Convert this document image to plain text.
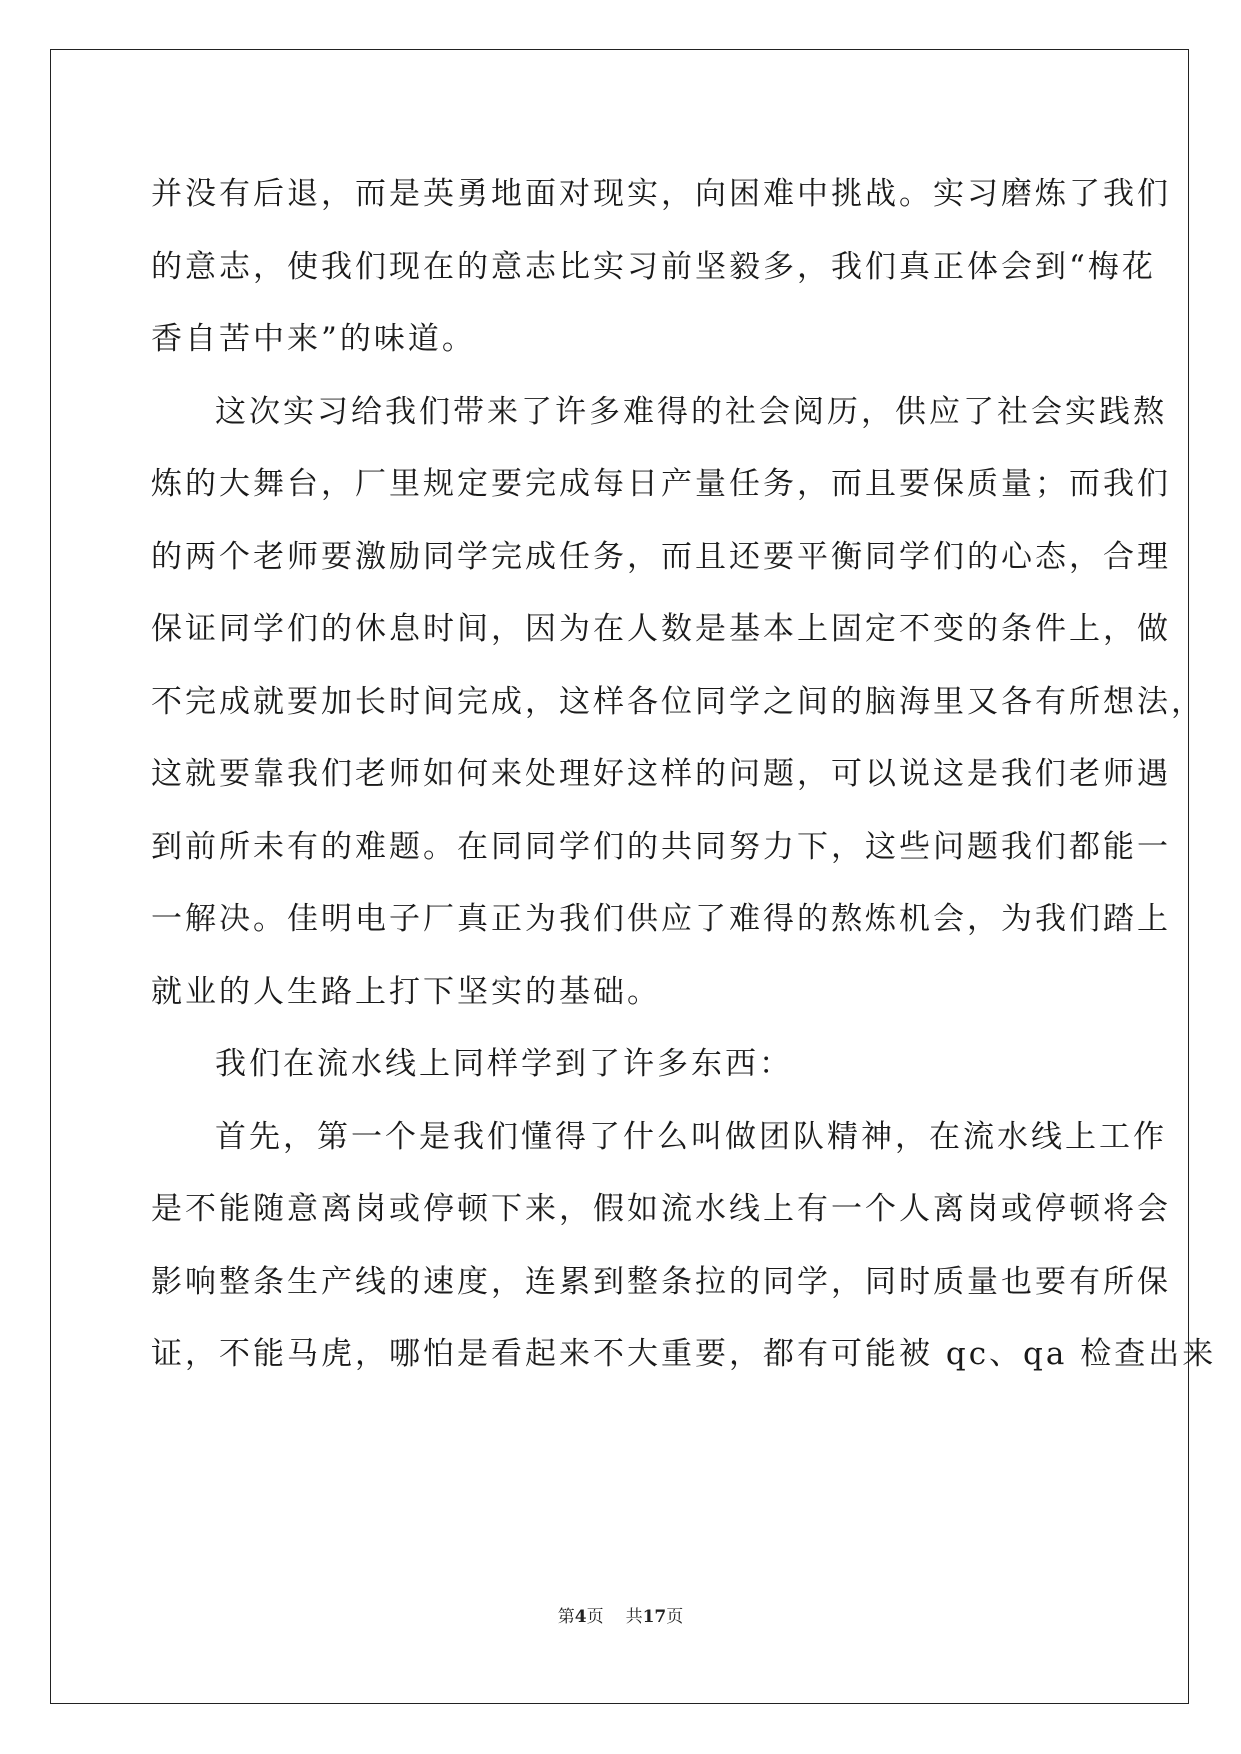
并没有后退，而是英勇地面对现实，向困难中挑战。实习磨炼了我们
的意志，使我们现在的意志比实习前坚毅多，我们真正体会到“梅花
香自苦中来”的味道。
这次实习给我们带来了许多难得的社会阅历，供应了社会实践熬
炼的大舞台，厂里规定要完成每日产量任务，而且要保质量；而我们
的两个老师要激励同学完成任务，而且还要平衡同学们的心态，合理
保证同学们的休息时间，因为在人数是基本上固定不变的条件上，做
不完成就要加长时间完成，这样各位同学之间的脑海里又各有所想法，
这就要靠我们老师如何来处理好这样的问题，可以说这是我们老师遇
到前所未有的难题。在同同学们的共同努力下，这些问题我们都能一
一解决。佳明电子厂真正为我们供应了难得的熬炼机会，为我们踏上
就业的人生路上打下坚实的基础。
我们在流水线上同样学到了许多东西：
首先，第一个是我们懂得了什么叫做团队精神，在流水线上工作
是不能随意离岗或停顿下来，假如流水线上有一个人离岗或停顿将会
影响整条生产线的速度，连累到整条拉的同学，同时质量也要有所保
证，不能马虎，哪怕是看起来不大重要，都有可能被 qc、qa 检查出来
第4页 共17页
